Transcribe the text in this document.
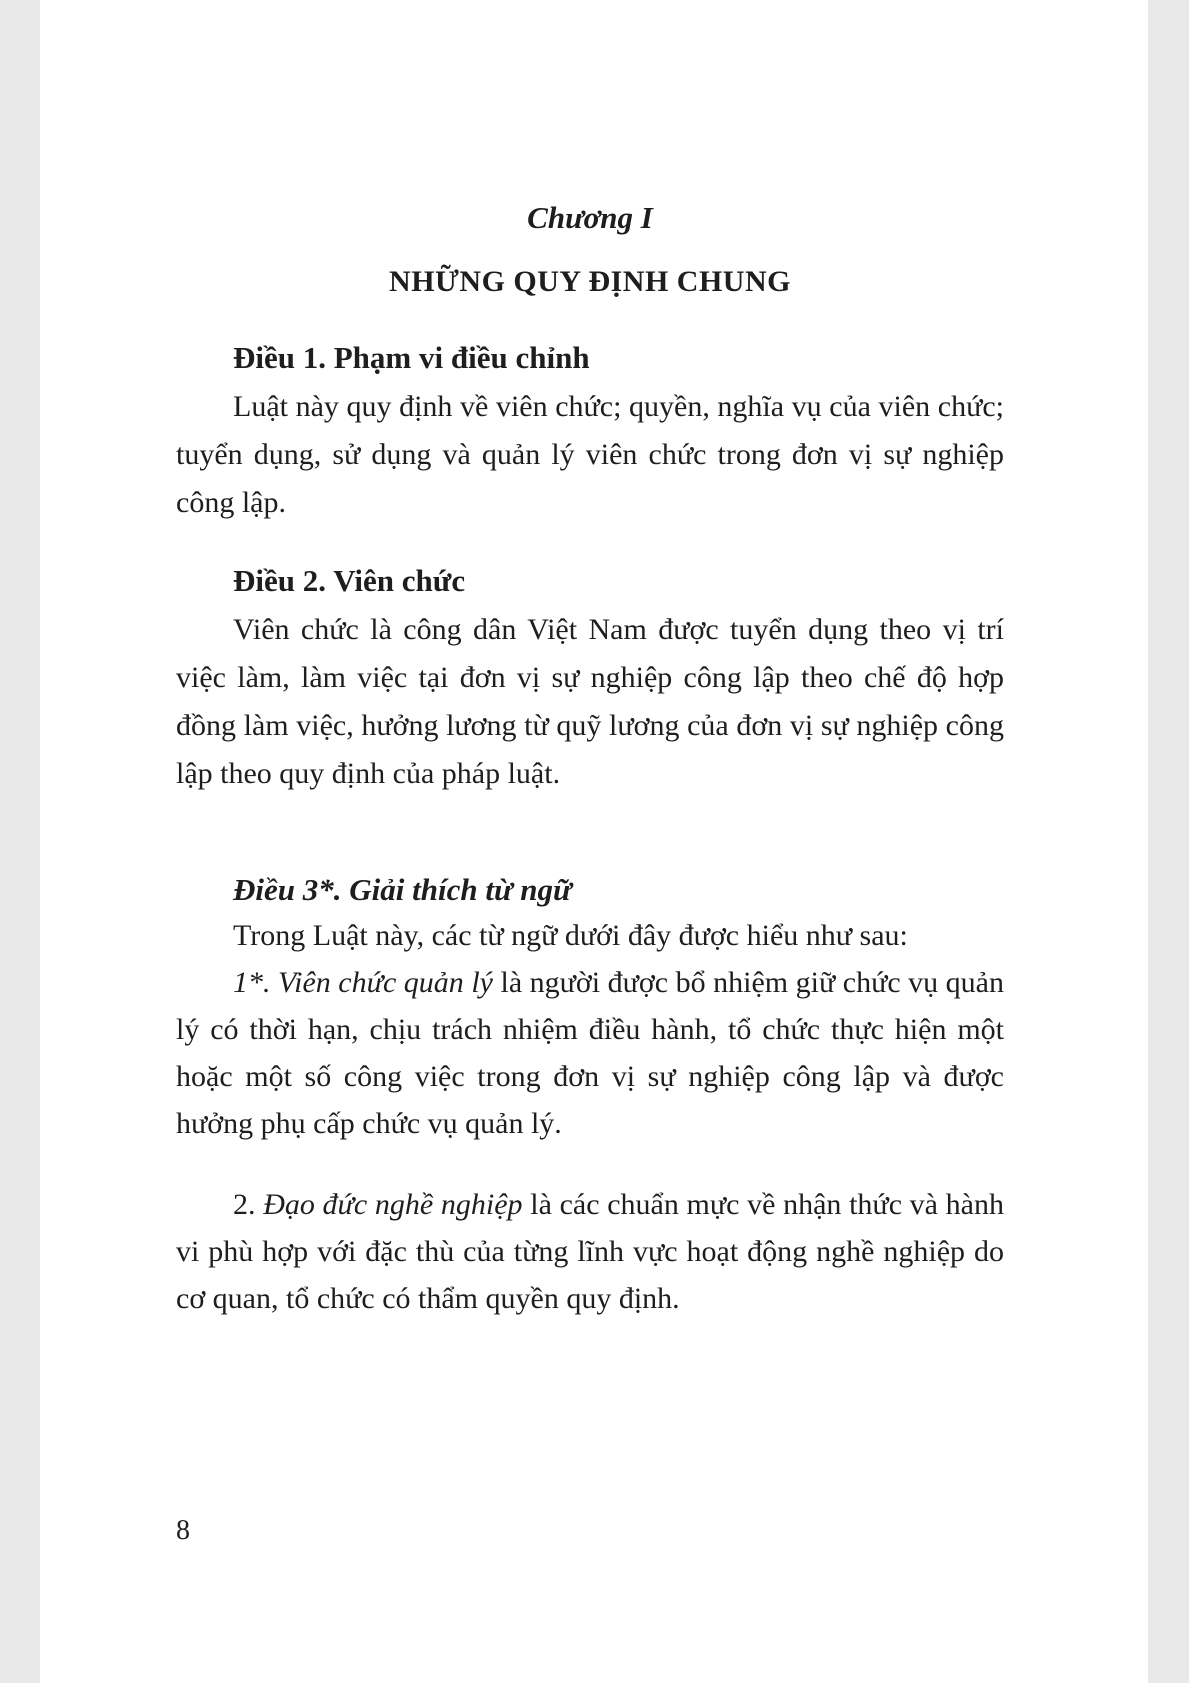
Chương I
NHỮNG QUY ĐỊNH CHUNG
Điều 1. Phạm vi điều chỉnh
Luật này quy định về viên chức; quyền, nghĩa vụ của viên chức; tuyển dụng, sử dụng và quản lý viên chức trong đơn vị sự nghiệp công lập.
Điều 2. Viên chức
Viên chức là công dân Việt Nam được tuyển dụng theo vị trí việc làm, làm việc tại đơn vị sự nghiệp công lập theo chế độ hợp đồng làm việc, hưởng lương từ quỹ lương của đơn vị sự nghiệp công lập theo quy định của pháp luật.
Điều 3*. Giải thích từ ngữ
Trong Luật này, các từ ngữ dưới đây được hiểu như sau:
1*. Viên chức quản lý là người được bổ nhiệm giữ chức vụ quản lý có thời hạn, chịu trách nhiệm điều hành, tổ chức thực hiện một hoặc một số công việc trong đơn vị sự nghiệp công lập và được hưởng phụ cấp chức vụ quản lý.
2. Đạo đức nghề nghiệp là các chuẩn mực về nhận thức và hành vi phù hợp với đặc thù của từng lĩnh vực hoạt động nghề nghiệp do cơ quan, tổ chức có thẩm quyền quy định.
8
